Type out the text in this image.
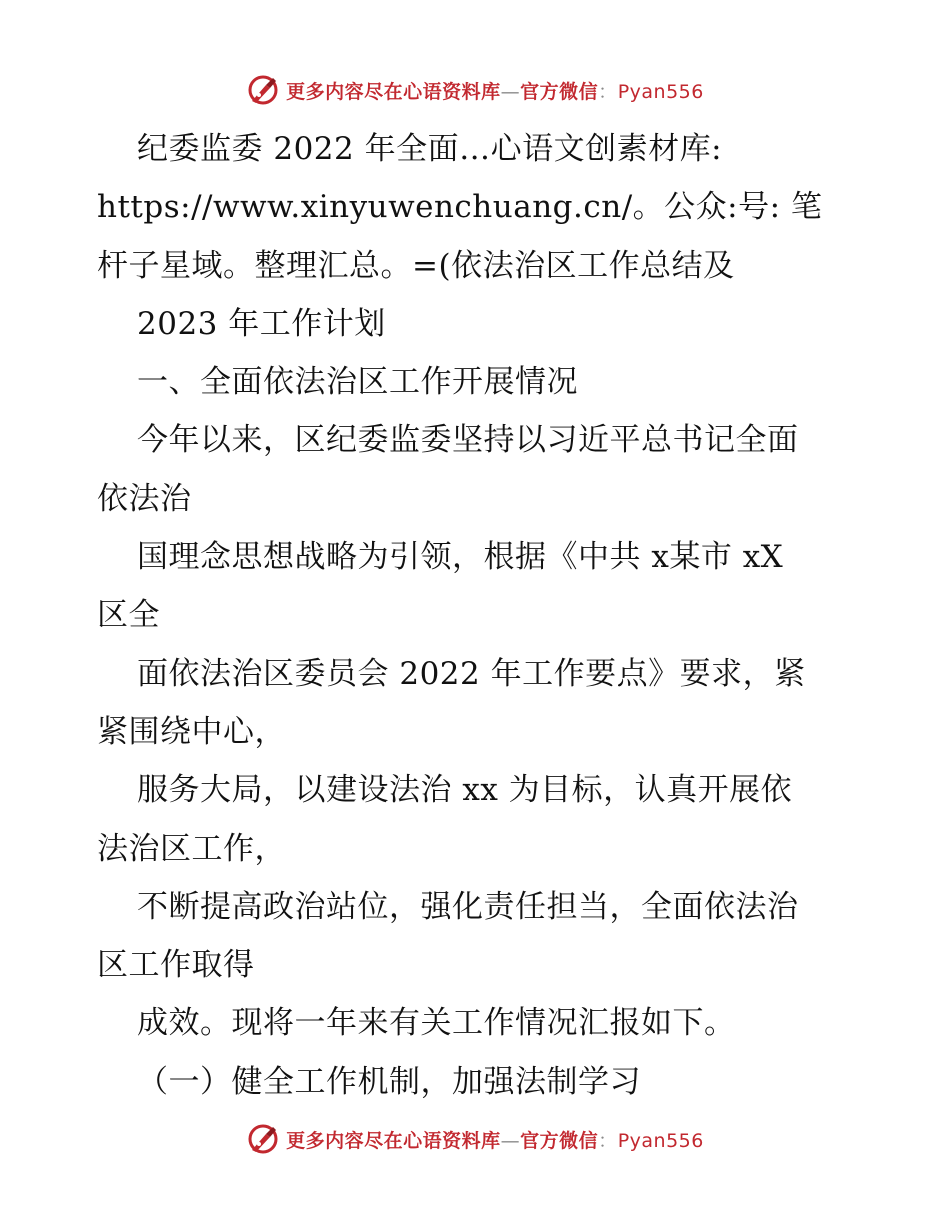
更多内容尽在心语资料库—官方微信：Pyan556
纪委监委 2022 年全面…心语文创素材库:
https://www.xinyuwenchuang.cn/。公众:号: 笔
杆子星域。整理汇总。=(依法治区工作总结及
2023 年工作计划
一、全面依法治区工作开展情况
今年以来，区纪委监委坚持以习近平总书记全面
依法治
国理念思想战略为引领，根据《中共 x某市 xX
区全
面依法治区委员会 2022 年工作要点》要求，紧
紧围绕中心，
服务大局，以建设法治 xx 为目标，认真开展依
法治区工作，
不断提高政治站位，强化责任担当，全面依法治
区工作取得
成效。现将一年来有关工作情况汇报如下。
（一）健全工作机制，加强法制学习
更多内容尽在心语资料库—官方微信：Pyan556
